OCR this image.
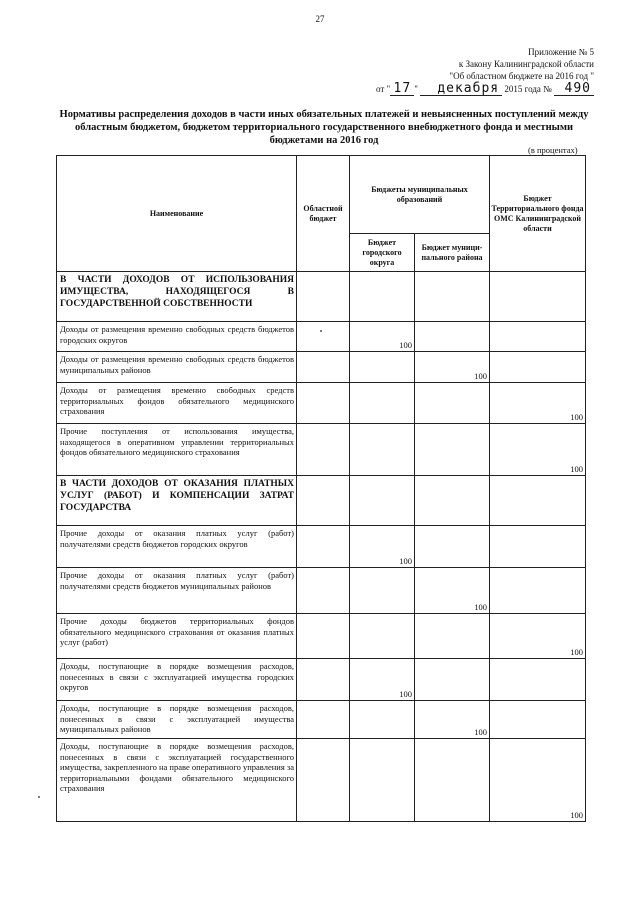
27
Приложение № 5
к Закону Калининградской области
"Об областном бюджете на 2016 год "
от " 17 " декабря 2015 года № 490
Нормативы распределения доходов в части иных обязательных платежей и невыясненных поступлений между областным бюджетом, бюджетом территориального государственного внебюджетного фонда и местными бюджетами на 2016 год
(в процентах)
Наименование	Областной бюджет	Бюджеты муниципальных образований		Бюджет Территориального фонда ОМС Калининградской области
		Бюджет городского округа	Бюджет муници-пального района	
В ЧАСТИ ДОХОДОВ ОТ ИСПОЛЬЗОВАНИЯ ИМУЩЕСТВА, НАХОДЯЩЕГОСЯ В ГОСУДАРСТВЕННОЙ СОБСТВЕННОСТИ				
Доходы от размещения временно свободных средств бюджетов городских округов		100		
Доходы от размещения временно свободных средств бюджетов муниципальных районов			100	
Доходы от размещения временно свободных средств территориальных фондов обязательного медицинского страхования				100
Прочие поступления от использования имущества, находящегося в оперативном управлении территориальных фондов обязательного медицинского страхования				100
В ЧАСТИ ДОХОДОВ ОТ ОКАЗАНИЯ ПЛАТНЫХ УСЛУГ (РАБОТ) И КОМПЕНСАЦИИ ЗАТРАТ ГОСУДАРСТВА				
Прочие доходы от оказания платных услуг (работ) получателями средств бюджетов городских округов		100		
Прочие доходы от оказания платных услуг (работ) получателями средств бюджетов муниципальных районов			100	
Прочие доходы бюджетов территориальных фондов обязательного медицинского страхования от оказания платных услуг (работ)				100
Доходы, поступающие в порядке возмещения расходов, понесенных в связи с эксплуатацией имущества городских округов		100		
Доходы, поступающие в порядке возмещения расходов, понесенных в связи с эксплуатацией имущества муниципальных районов			100	
Доходы, поступающие в порядке возмещения расходов, понесенных в связи с эксплуатацией государственного имущества, закрепленного на праве оперативного управления за территориальными фондами обязательного медицинского страхования				100
